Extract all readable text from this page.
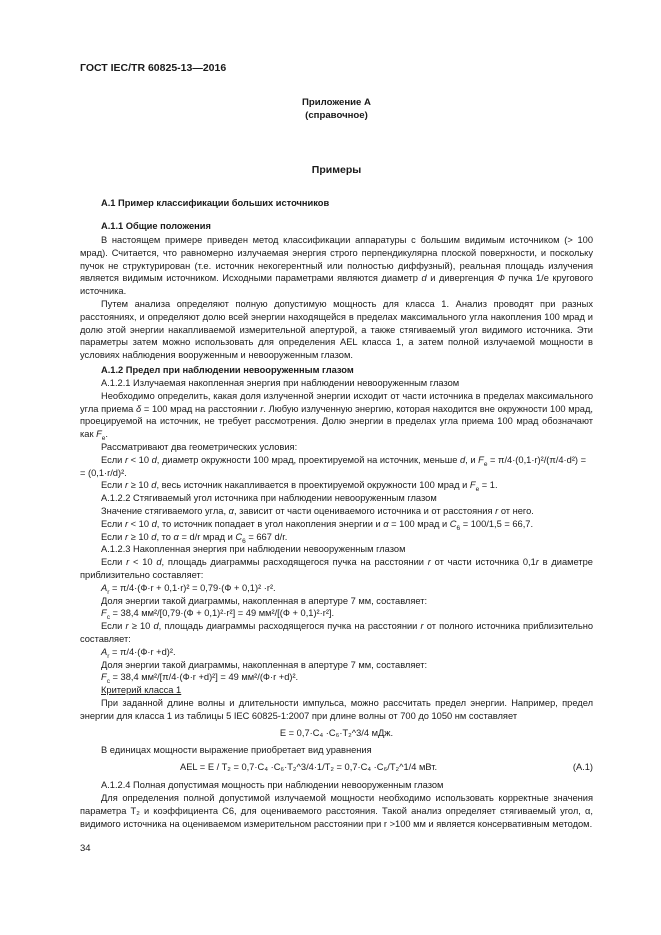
ГОСТ IEC/TR 60825-13—2016
Приложение А
(справочное)
Примеры
А.1 Пример классификации больших источников
А.1.1 Общие положения

В настоящем примере приведен метод классификации аппаратуры с большим видимым источником (> 100 мрад). Считается, что равномерно излучаемая энергия строго перпендикулярна плоской поверхности, и поскольку пучок не структурирован (т.е. источник некогерентный или полностью диффузный), реальная площадь излучения является видимым источником. Исходными параметрами являются диаметр d и дивергенция Ф пучка 1/е кругового источника.

Путем анализа определяют полную допустимую мощность для класса 1. Анализ проводят при разных расстояниях, и определяют долю всей энергии находящейся в пределах максимального угла накопления 100 мрад и долю этой энергии накапливаемой измерительной апертурой, а также стягиваемый угол видимого источника. Эти параметры затем можно использовать для определения AEL класса 1, а затем полной излучаемой мощности в условиях наблюдения вооруженным и невооруженным глазом.

А.1.2 Предел при наблюдении невооруженным глазом
А.1.2.1 Излучаемая накопленная энергия при наблюдении невооруженным глазом

Необходимо определить, какая доля излученной энергии исходит от части источника в пределах максимального угла приема δ = 100 мрад на расстоянии r. Любую излученную энергию, которая находится вне окружности 100 мрад, проецируемой на источник, не требует рассмотрения. Долю энергии в пределах угла приема 100 мрад обозначают как $F_e$.

Рассматривают два геометрических условия:
Если r < 10 d, диаметр окружности 100 мрад, проектируемой на источник, меньше d, и $F_e = \pi/4\cdot(0,1\cdot r)^2/(\pi/4\cdot d^2)$ =
= (0,1·r/d)².
Если r ≥ 10 d, весь источник накапливается в проектируемой окружности 100 мрад и $F_e = 1$.
А.1.2.2 Стягиваемый угол источника при наблюдении невооруженным глазом
Значение стягиваемого угла, α, зависит от части оцениваемого источника и от расстояния r от него.
Если r < 10 d, то источник попадает в угол накопления энергии и α = 100 мрад и $C_6 = 100/1,5 = 66,7$.
Если r ≥ 10 d, то α = d/r мрад и $C_6 = 667$ d/r.
А.1.2.3 Накопленная энергия при наблюдении невооруженным глазом

Если r < 10 d, площадь диаграммы расходящегося пучка на расстоянии r от части источника 0,1r в диаметре приблизительно составляет:

$A_r = \pi/4\cdot(Ф\cdot r + 0,1\cdot r)^2 = 0,79\cdot(Ф + 0,1)^2 \cdot r^2$.
Доля энергии такой диаграммы, накопленная в апертуре 7 мм, составляет:
$F_c = 38,4$ мм²/[0,79·(Ф + 0,1)²·r²] = 49 мм²/[(Ф + 0,1)²·r²].

Если r ≥ 10 d, площадь диаграммы расходящегося пучка на расстоянии r от полного источника приблизительно составляет:

$A_r = \pi/4\cdot(Ф\cdot r +d)^2$.
Доля энергии такой диаграммы, накопленная в апертуре 7 мм, составляет:
$F_c = 38,4$ мм²/[π/4·(Ф·r +d)²] = 49 мм²/(Ф·r +d)².
Критерий класса 1

При заданной длине волны и длительности импульса, можно рассчитать предел энергии. Например, предел энергии для класса 1 из таблицы 5 IEC 60825-1:2007 при длине волны от 700 до 1050 нм составляет

E = 0,7·C₄ ·C₆·T₂^3/4 мДж.
В единицах мощности выражение приобретает вид уравнения
AEL = E / T₂ = 0,7·C₄ ·C₆·T₂^3/4·1/T₂ = 0,7·C₄ ·C₆/T₂^1/4 мВт.	(А.1)
А.1.2.4 Полная допустимая мощность при наблюдении невооруженным глазом

Для определения полной допустимой излучаемой мощности необходимо использовать корректные значения параметра T₂ и коэффициента С6, для оцениваемого расстояния. Такой анализ определяет стягиваемый угол, α, видимого источника на оцениваемом измерительном расстоянии при r >100 мм и является консервативным методом.

34
